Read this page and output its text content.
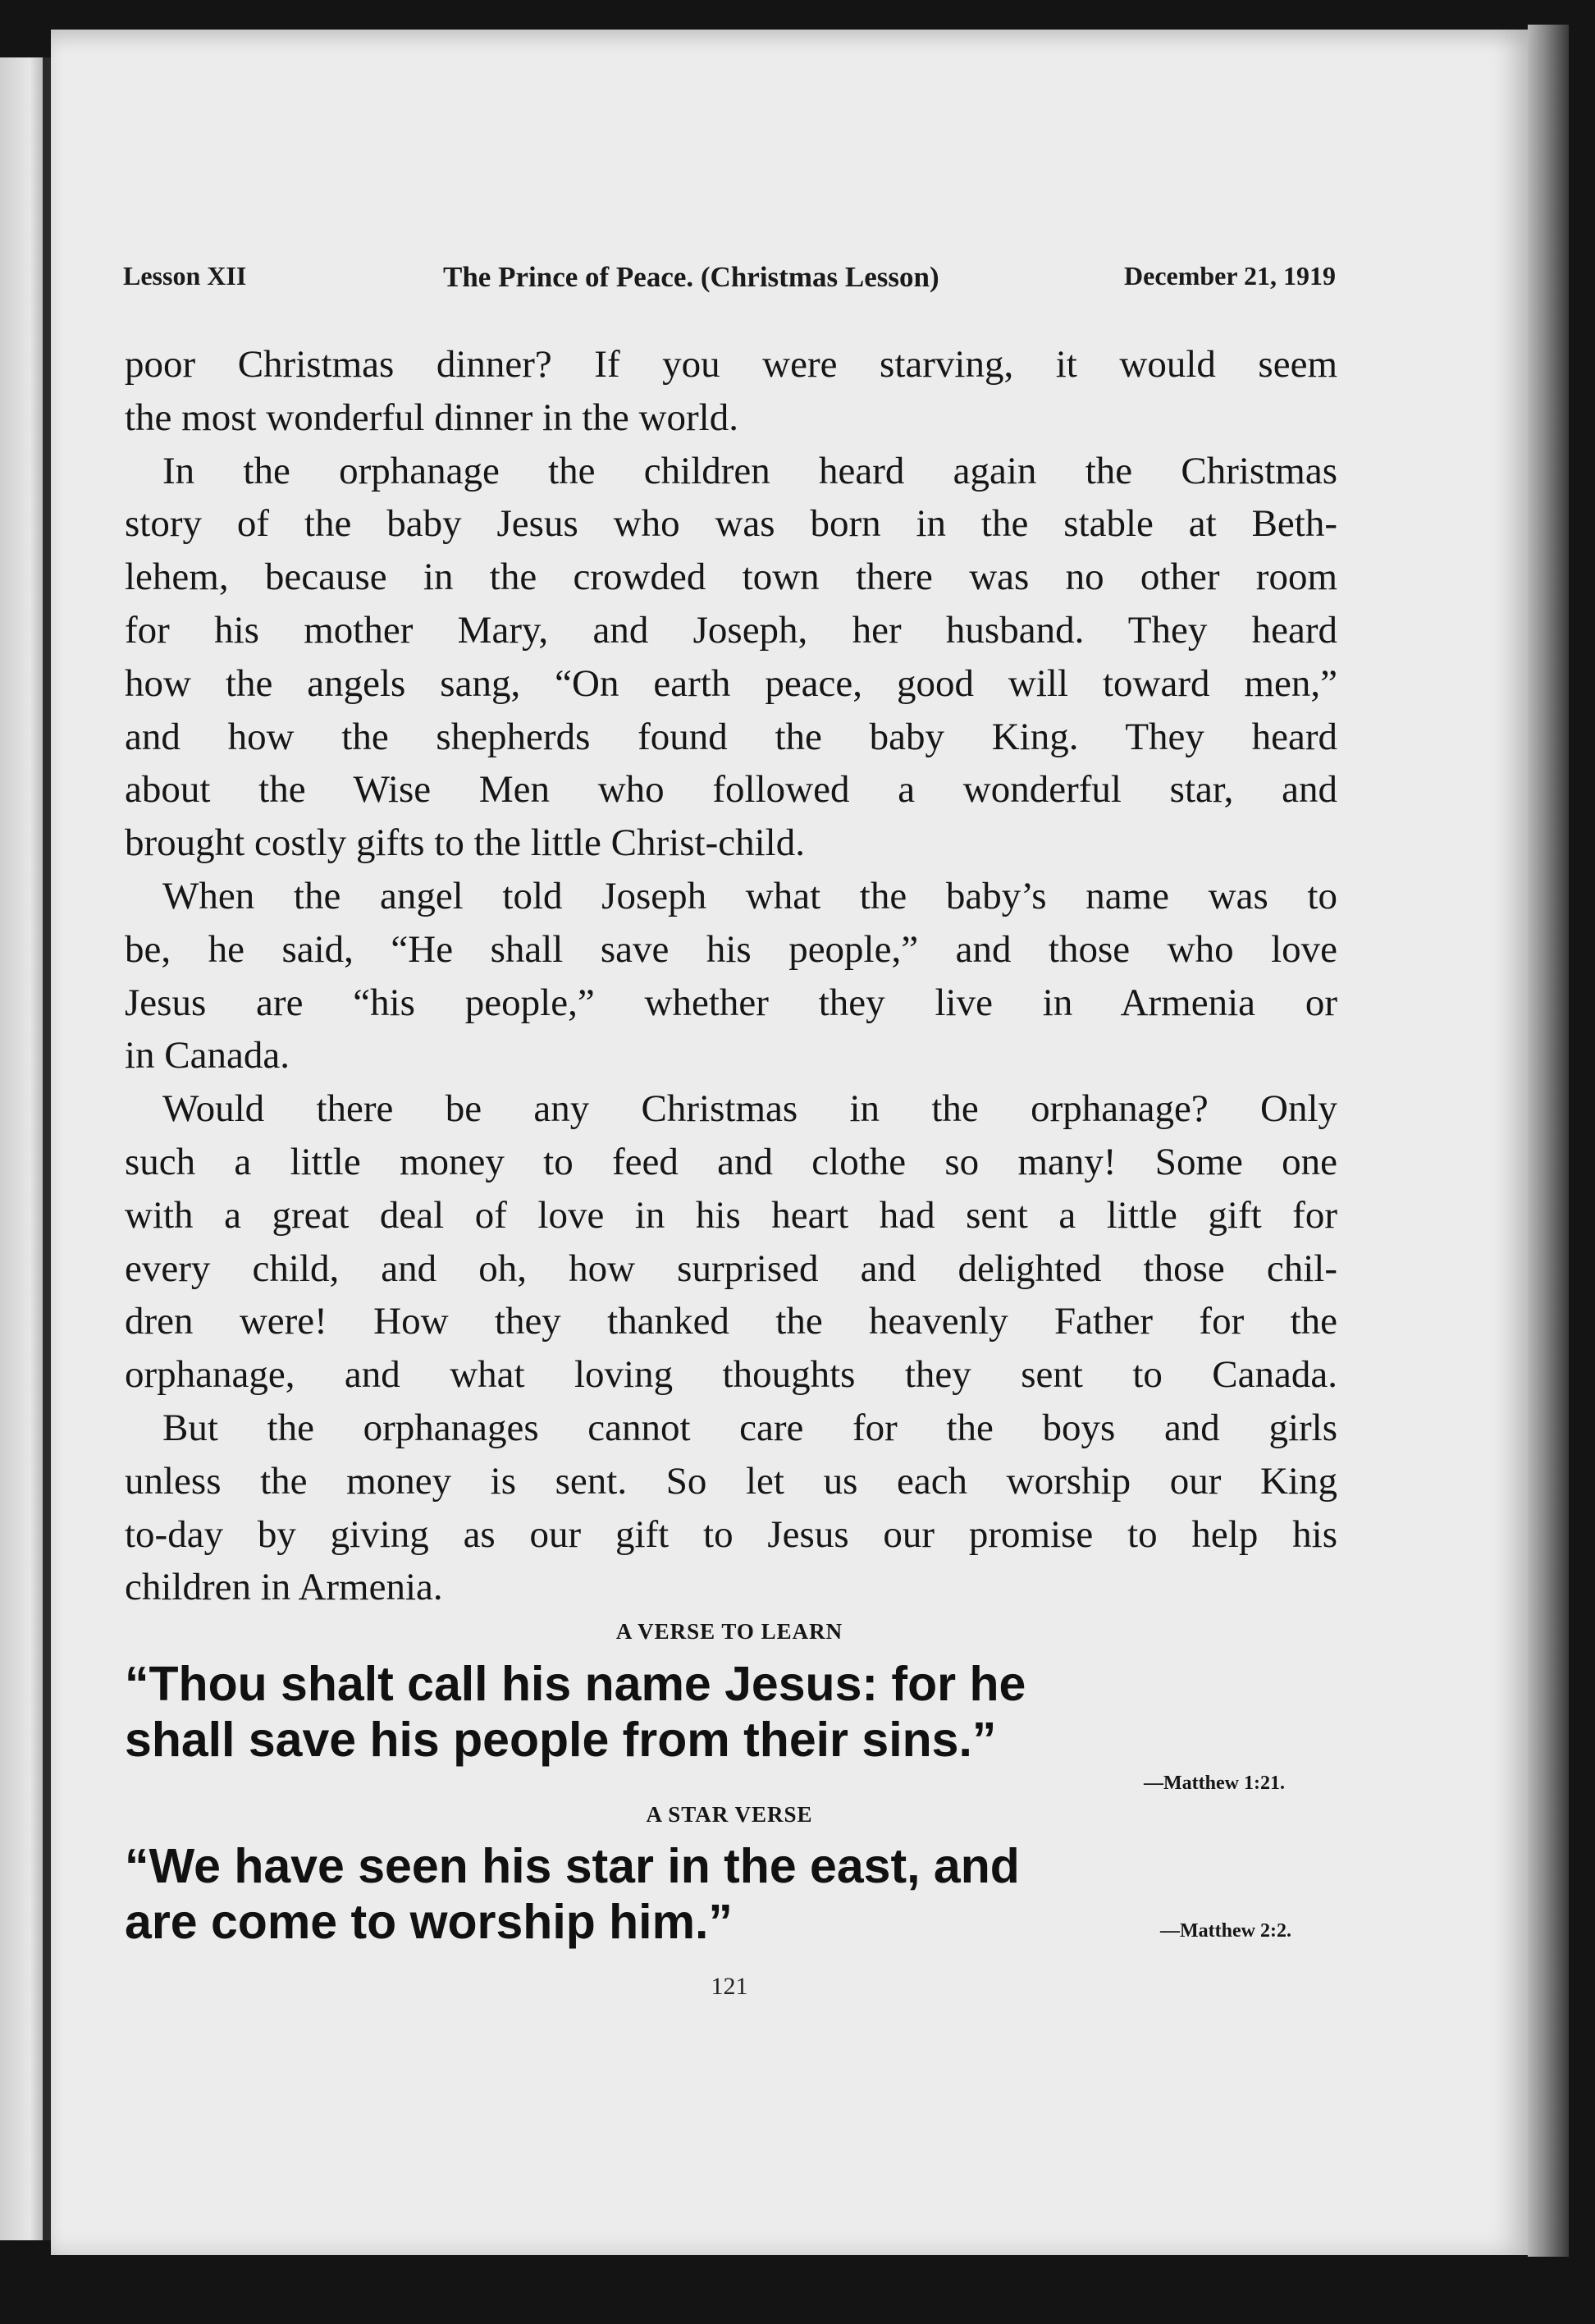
Lesson XII	The Prince of Peace. (Christmas Lesson)	December 21, 1919
poor Christmas dinner? If you were starving, it would seem
the most wonderful dinner in the world.
In the orphanage the children heard again the Christmas
story of the baby Jesus who was born in the stable at Beth-
lehem, because in the crowded town there was no other room
for his mother Mary, and Joseph, her husband. They heard
how the angels sang, “On earth peace, good will toward men,”
and how the shepherds found the baby King. They heard
about the Wise Men who followed a wonderful star, and
brought costly gifts to the little Christ-child.
When the angel told Joseph what the baby’s name was to
be, he said, “He shall save his people,” and those who love
Jesus are “his people,” whether they live in Armenia or
in Canada.
Would there be any Christmas in the orphanage? Only
such a little money to feed and clothe so many! Some one
with a great deal of love in his heart had sent a little gift for
every child, and oh, how surprised and delighted those chil-
dren were! How they thanked the heavenly Father for the
orphanage, and what loving thoughts they sent to Canada.
But the orphanages cannot care for the boys and girls
unless the money is sent. So let us each worship our King
to-day by giving as our gift to Jesus our promise to help his
children in Armenia.
A VERSE TO LEARN
“Thou shalt call his name Jesus: for he
shall save his people from their sins.”
—Matthew 1:21.
A STAR VERSE
“We have seen his star in the east, and
are come to worship him.”	—Matthew 2:2.
121
